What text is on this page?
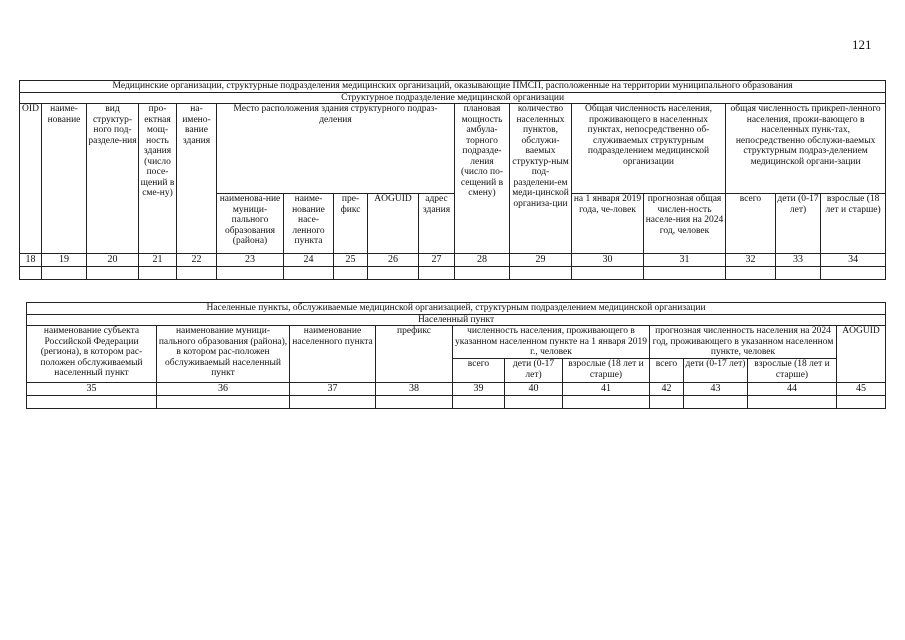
121
Медицинские организации, структурные подразделения медицинских организаций, оказывающие ПМСП, расположенные на территории муниципального образования																
Структурное подразделение медицинской организации																
OID	наиме-нование	вид структур-ного под-разделе-ния	про-ектная мощ-ность здания (число посе-щений в сме-ну)	на-имено-вание здания	Место расположения здания структурного подраз-деления					плановая мощность амбула-торного подразде-ления (число по-сещений в смену)	количество населенных пунктов, обслужи-ваемых структур-ным под-разделени-ем меди-цинской организа-ции	Общая численность населения, проживающего в населенных пунктах, непосредственно об-служиваемых структурным подразделением медицинской организации		общая численность прикреп-ленного населения, прожи-вающего в населенных пунк-тах, непосредственно обслужи-ваемых структурным подраз-делением медицинской органи-зации		
					наименова-ние муници-пального образования (района)	наиме-нование насе-ленного пункта	пре-фикс	AOGUID	адрес здания			на 1 января 2019 года, че-ловек	прогнозная общая числен-ность населе-ния на 2024 год, человек	всего	дети (0-17 лет)	взрослые (18 лет и старше)
18	19	20	21	22	23	24	25	26	27	28	29	30	31	32	33	34

Населенные пункты, обслуживаемые медицинской организацией, структурным подразделением медицинской организации										
Населенный пункт										
наименование субъекта Российской Федерации (региона), в котором рас-положен обслуживаемый населенный пункт	наименование муници-пального образования (района), в котором рас-положен обслуживаемый населенный пункт	наименование населенного пункта	префикс	численность населения, проживающего в указанном населенном пункте на 1 января 2019 г., человек			прогнозная численность населения на 2024 год, проживающего в указанном населенном пункте, человек			AOGUID
				всего	дети (0-17 лет)	взрослые (18 лет и старше)	всего	дети (0-17 лет)	взрослые (18 лет и старше)	
35	36	37	38	39	40	41	42	43	44	45
